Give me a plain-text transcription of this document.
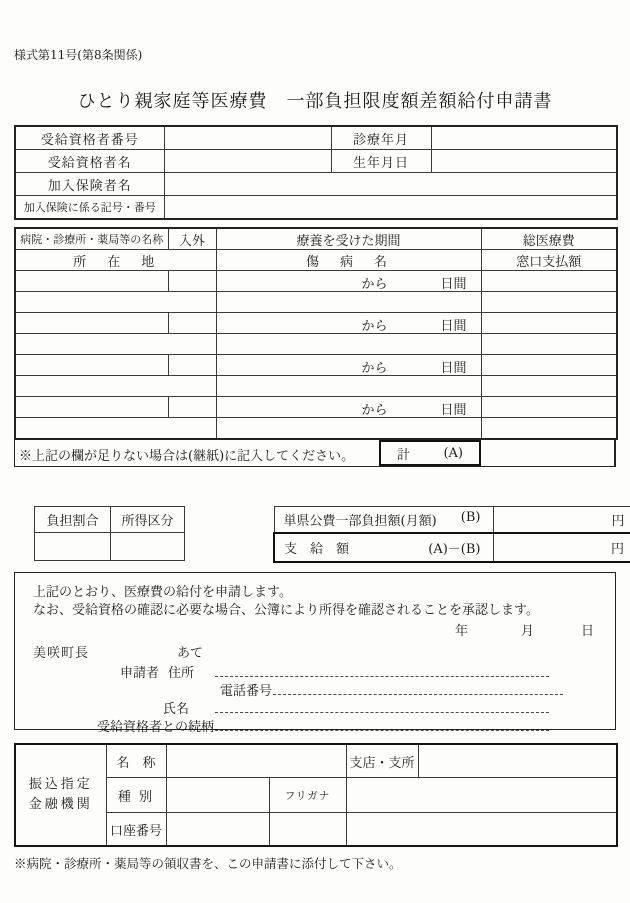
様式第11号(第8条関係)
ひとり親家庭等医療費　一部負担限度額差額給付申請書
受給資格者番号		診療年月	
受給資格者名		生年月日	
加入保険者名			
加入保険に係る記号・番号			
病院・診療所・薬局等の名称	入外	療養を受けた期間	総医療費
所　在　地		傷　病　名	窓口支払額

		から 日間	

		から 日間	

		から 日間	

		から 日間	

※上記の欄が足りない場合は(継紙)に記入してください。	計	(A)
負担割合	所得区分
		単県公費一部負担額(月額) (B)	円

支　給　額 (A)－(B)	円
上記のとおり、医療費の給付を申請します。
なお、受給資格の確認に必要な場合、公簿により所得を確認されることを承認します。
年	月	日
美咲町長	あて
申請者 住所
電話番号
氏名
受給資格者との続柄
振込指定
金融機関	名　称			支店・支所	
	種 別		フリガナ		
	口座番号				
※病院・診療所・薬局等の領収書を、この申請書に添付して下さい。
